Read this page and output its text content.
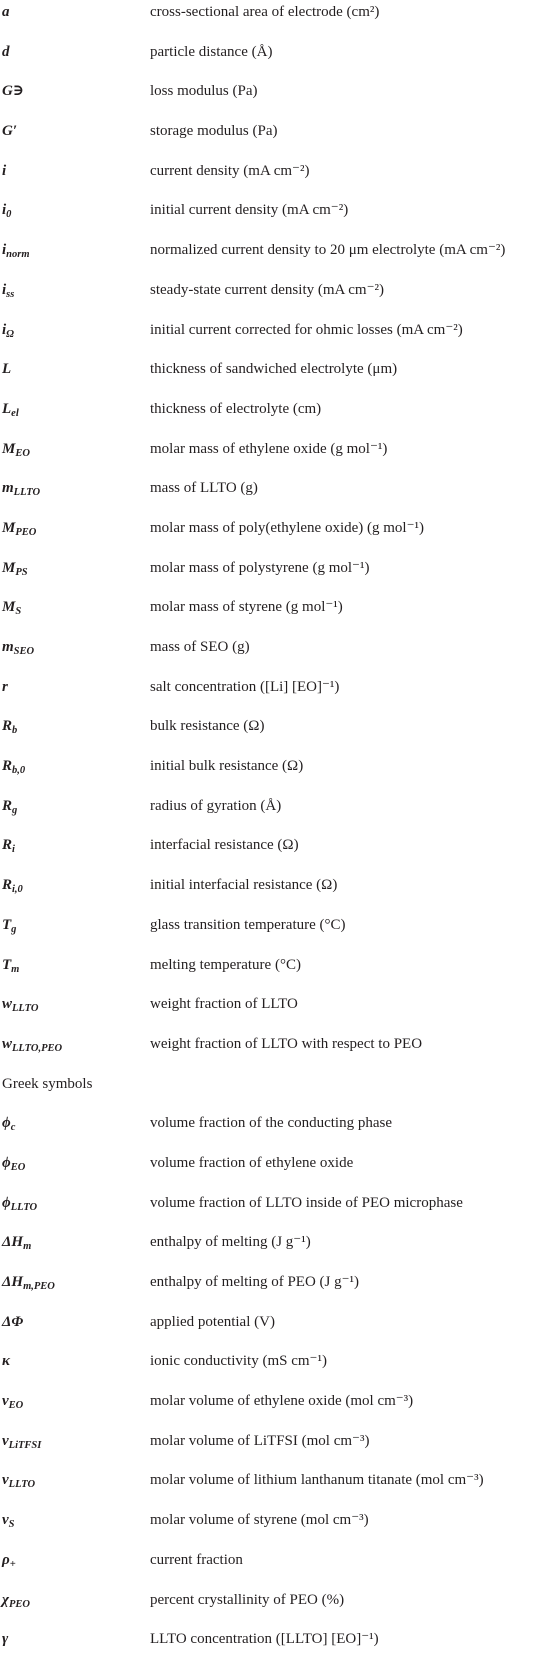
a	cross-sectional area of electrode (cm²)
d	particle distance (Å)
G∋	loss modulus (Pa)
G′	storage modulus (Pa)
i	current density (mA cm⁻²)
$i_0$	initial current density (mA cm⁻²)
$i_{norm}$	normalized current density to 20 μm electrolyte (mA cm⁻²)
$i_{ss}$	steady-state current density (mA cm⁻²)
$i_\Omega$	initial current corrected for ohmic losses (mA cm⁻²)
L	thickness of sandwiched electrolyte (μm)
$L_{el}$	thickness of electrolyte (cm)
$M_{EO}$	molar mass of ethylene oxide (g mol⁻¹)
$m_{LLTO}$	mass of LLTO (g)
$M_{PEO}$	molar mass of poly(ethylene oxide) (g mol⁻¹)
$M_{PS}$	molar mass of polystyrene (g mol⁻¹)
$M_S$	molar mass of styrene (g mol⁻¹)
$m_{SEO}$	mass of SEO (g)
r	salt concentration ([Li] [EO]⁻¹)
$R_b$	bulk resistance (Ω)
$R_{b,0}$	initial bulk resistance (Ω)
$R_g$	radius of gyration (Å)
$R_i$	interfacial resistance (Ω)
$R_{i,0}$	initial interfacial resistance (Ω)
$T_g$	glass transition temperature (°C)
$T_m$	melting temperature (°C)
$w_{LLTO}$	weight fraction of LLTO
$w_{LLTO,PEO}$	weight fraction of LLTO with respect to PEO
Greek symbols
$\phi_c$	volume fraction of the conducting phase
$\phi_{EO}$	volume fraction of ethylene oxide
$\phi_{LLTO}$	volume fraction of LLTO inside of PEO microphase
$\Delta H_m$	enthalpy of melting (J g⁻¹)
$\Delta H_{m,PEO}$	enthalpy of melting of PEO (J g⁻¹)
ΔΦ	applied potential (V)
κ	ionic conductivity (mS cm⁻¹)
$\nu_{EO}$	molar volume of ethylene oxide (mol cm⁻³)
$\nu_{LiTFSI}$	molar volume of LiTFSI (mol cm⁻³)
$\nu_{LLTO}$	molar volume of lithium lanthanum titanate (mol cm⁻³)
$\nu_S$	molar volume of styrene (mol cm⁻³)
$\rho_+$	current fraction
$\chi_{PEO}$	percent crystallinity of PEO (%)
γ	LLTO concentration ([LLTO] [EO]⁻¹)
